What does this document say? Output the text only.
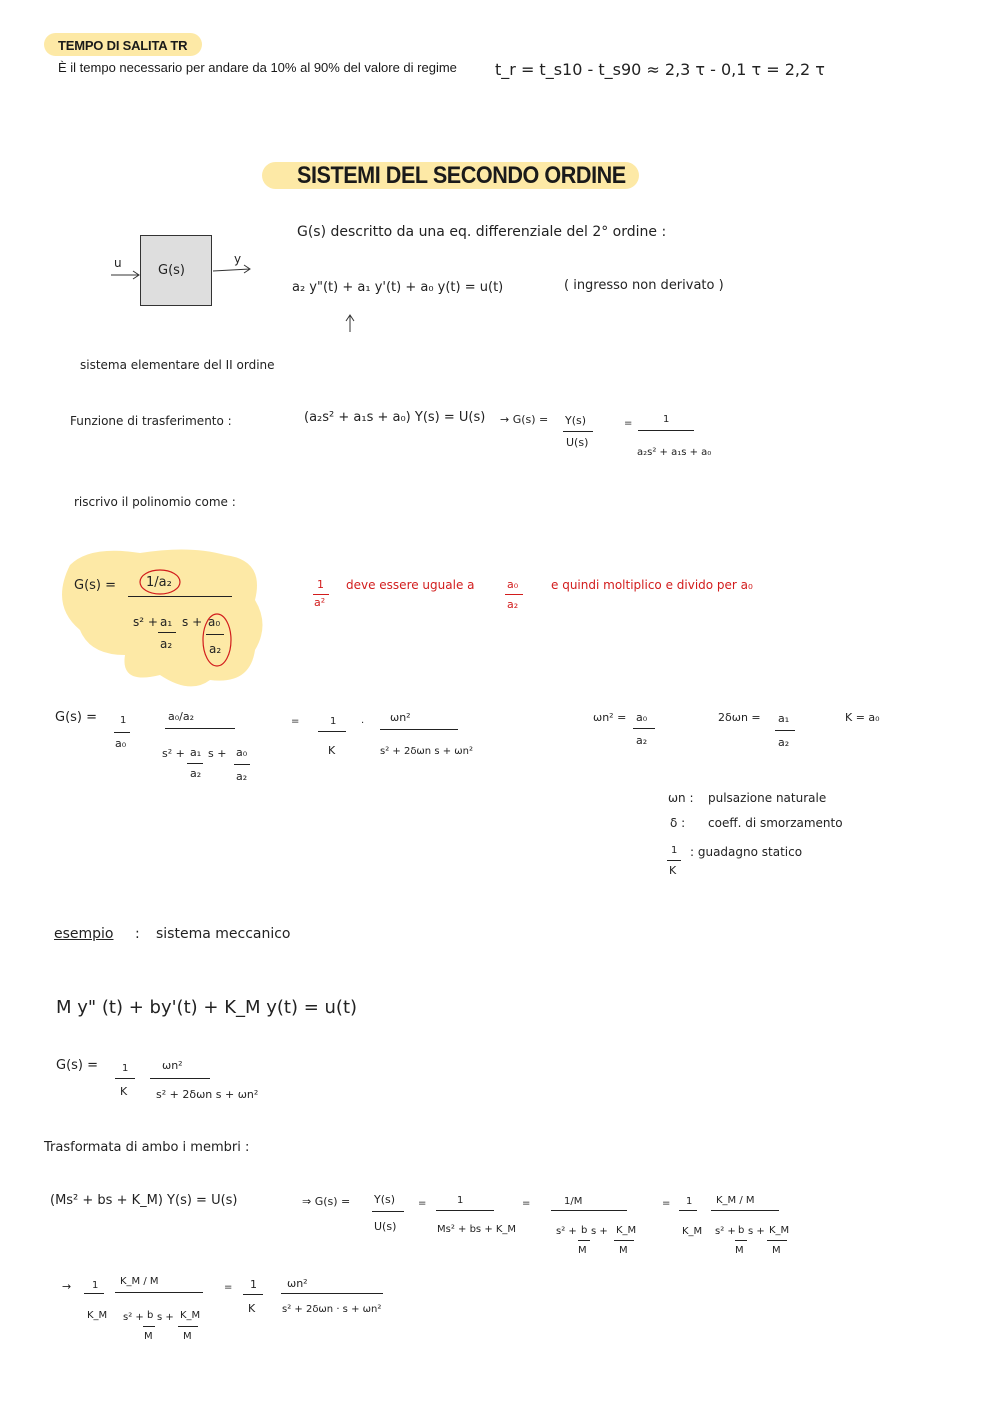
TEMPO DI SALITA TR
È il tempo necessario per andare da 10% al 90% del valore di regime t_r = t_s10 - t_s90 ≈ 2,3 τ - 0,1 τ = 2,2 τ
SISTEMI DEL SECONDO ORDINE
G(s)
u	y
G(s) descritto da una eq. differenziale del 2° ordine :
a₂ y"(t) + a₁ y'(t) + a₀ y(t) = u(t)	( ingresso non derivato )
sistema elementare del II ordine
Funzione di trasferimento :	(a₂s² + a₁s + a₀) Y(s) = U(s) → G(s) = Y(s)
U(s)
=	1
a₂s² + a₁s + a₀
riscrivo il polinomio come :
G(s) = 1/a₂
s² + a₁
a₂
s + a₀
a₂
1
a²
deve essere uguale a	a₀
a₂
e quindi moltiplico e divido per a₀
G(s) = 1
a₀
a₀/a₂
s² + a₁
a₂
s + a₀
a₂
=	1
K
· ωn²
s² + 2δωn s + ωn²
ωn² = a₀
a₂
2δωn = a₁
a₂
K = a₀
ωn : pulsazione naturale
δ : coeff. di smorzamento
1
K
: guadagno statico
esempio : sistema meccanico
M y" (t) + by'(t) + K_M y(t) = u(t)
G(s) = 1
K
ωn²
s² + 2δωn s + ωn²
Trasformata di ambo i membri :
(Ms² + bs + K_M) Y(s) = U(s)	⇒ G(s) = Y(s)
U(s)
=	1
Ms² + bs + K_M
=	1/M
s² + b
M
s + K_M
M
= 1
K_M
K_M / M
s² + b
M
s + K_M
M
→ 1
K_M
K_M / M
s² + b
M
s + K_M
M
= 1
K
ωn²
s² + 2δωn · s + ωn²
